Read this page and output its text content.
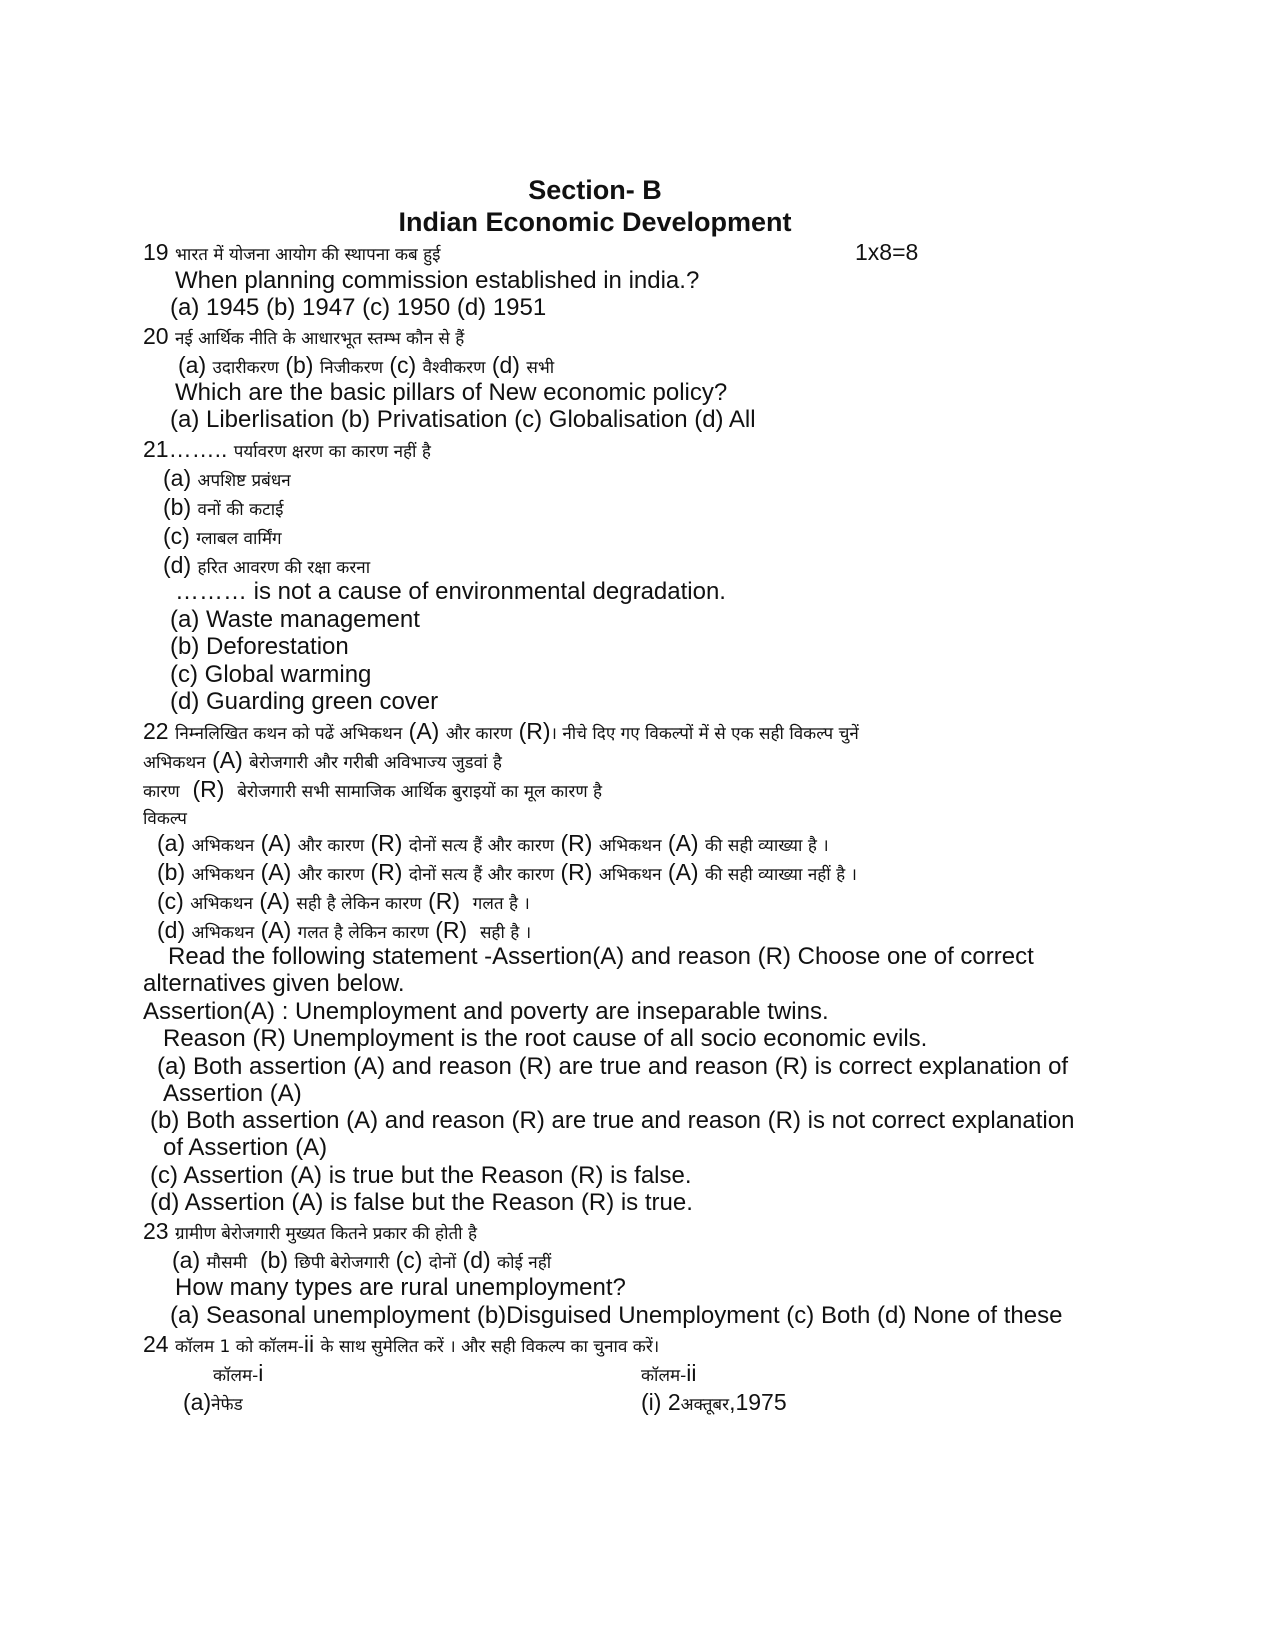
Section- B
Indian Economic Development
19 भारत में योजना आयोग की स्थापना कब हुई	1x8=8
When planning commission established in india.?
(a) 1945 (b) 1947 (c) 1950 (d) 1951
20 नई आर्थिक नीति के आधारभूत स्तम्भ कौन से हैं
(a) उदारीकरण (b) निजीकरण (c) वैश्वीकरण (d) सभी
Which are the basic pillars of New economic policy?
(a) Liberlisation (b) Privatisation (c) Globalisation (d) All
21…….. पर्यावरण क्षरण का कारण नहीं है
(a) अपशिष्ट प्रबंधन
(b) वनों की कटाई
(c) ग्लाबल वार्मिंग
(d) हरित आवरण की रक्षा करना
……… is not a cause of environmental degradation.
(a) Waste management
(b) Deforestation
(c) Global warming
(d) Guarding green cover
22 निम्नलिखित कथन को पढें अभिकथन (A) और कारण (R)। नीचे दिए गए विकल्पों में से एक सही विकल्प चुनें
अभिकथन (A) बेरोजगारी और गरीबी अविभाज्य जुडवां है
कारण (R) बेरोजगारी सभी सामाजिक आर्थिक बुराइयों का मूल कारण है
विकल्प
(a) अभिकथन (A) और कारण (R) दोनों सत्य हैं और कारण (R) अभिकथन (A) की सही व्याख्या है ।
(b) अभिकथन (A) और कारण (R) दोनों सत्य हैं और कारण (R) अभिकथन (A) की सही व्याख्या नहीं है ।
(c) अभिकथन (A) सही है लेकिन कारण (R) गलत है ।
(d) अभिकथन (A) गलत है लेकिन कारण (R) सही है ।
Read the following statement -Assertion(A) and reason (R) Choose one of correct
alternatives given below.
Assertion(A) : Unemployment and poverty are inseparable twins.
Reason (R) Unemployment is the root cause of all socio economic evils.
(a) Both assertion (A) and reason (R) are true and reason (R) is correct explanation of
Assertion (A)
(b) Both assertion (A) and reason (R) are true and reason (R) is not correct explanation
of Assertion (A)
(c) Assertion (A) is true but the Reason (R) is false.
(d) Assertion (A) is false but the Reason (R) is true.
23 ग्रामीण बेरोजगारी मुख्यत कितने प्रकार की होती है
(a) मौसमी (b) छिपी बेरोजगारी (c) दोनों (d) कोई नहीं
How many types are rural unemployment?
(a) Seasonal unemployment (b)Disguised Unemployment (c) Both (d) None of these
24 कॉलम 1 को कॉलम-ii के साथ सुमेलित करें । और सही विकल्प का चुनाव करें।
कॉलम-i	कॉलम-ii
(a)नेफेड	(i) 2अक्तूबर,1975
